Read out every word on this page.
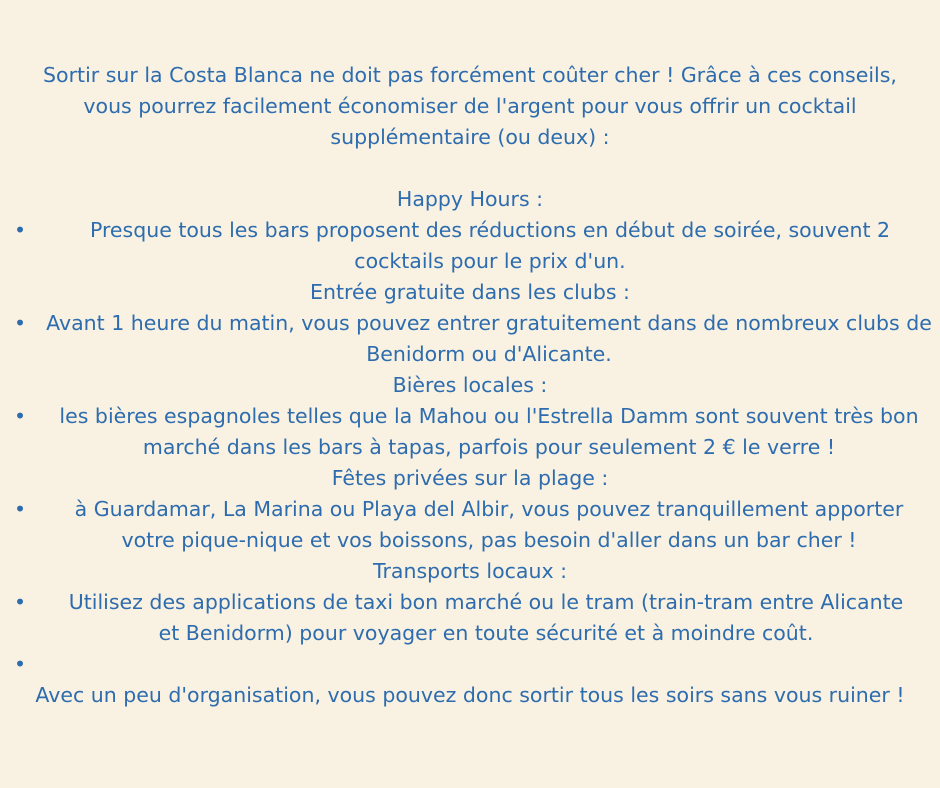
Sortir sur la Costa Blanca ne doit pas forcément coûter cher ! Grâce à ces conseils, vous pourrez facilement économiser de l'argent pour vous offrir un cocktail supplémentaire (ou deux) :

Happy Hours :

•	Presque tous les bars proposent des réductions en début de soirée, souvent 2 cocktails pour le prix d'un.

Entrée gratuite dans les clubs :

• Avant 1 heure du matin, vous pouvez entrer gratuitement dans de nombreux clubs de Benidorm ou d'Alicante.

Bières locales :

•	les bières espagnoles telles que la Mahou ou l'Estrella Damm sont souvent très bon marché dans les bars à tapas, parfois pour seulement 2 € le verre !

Fêtes privées sur la plage :

•	à Guardamar, La Marina ou Playa del Albir, vous pouvez tranquillement apporter votre pique-nique et vos boissons, pas besoin d'aller dans un bar cher !

Transports locaux :

•	Utilisez des applications de taxi bon marché ou le tram (train-tram entre Alicante et Benidorm) pour voyager en toute sécurité et à moindre coût.
•

Avec un peu d'organisation, vous pouvez donc sortir tous les soirs sans vous ruiner !
